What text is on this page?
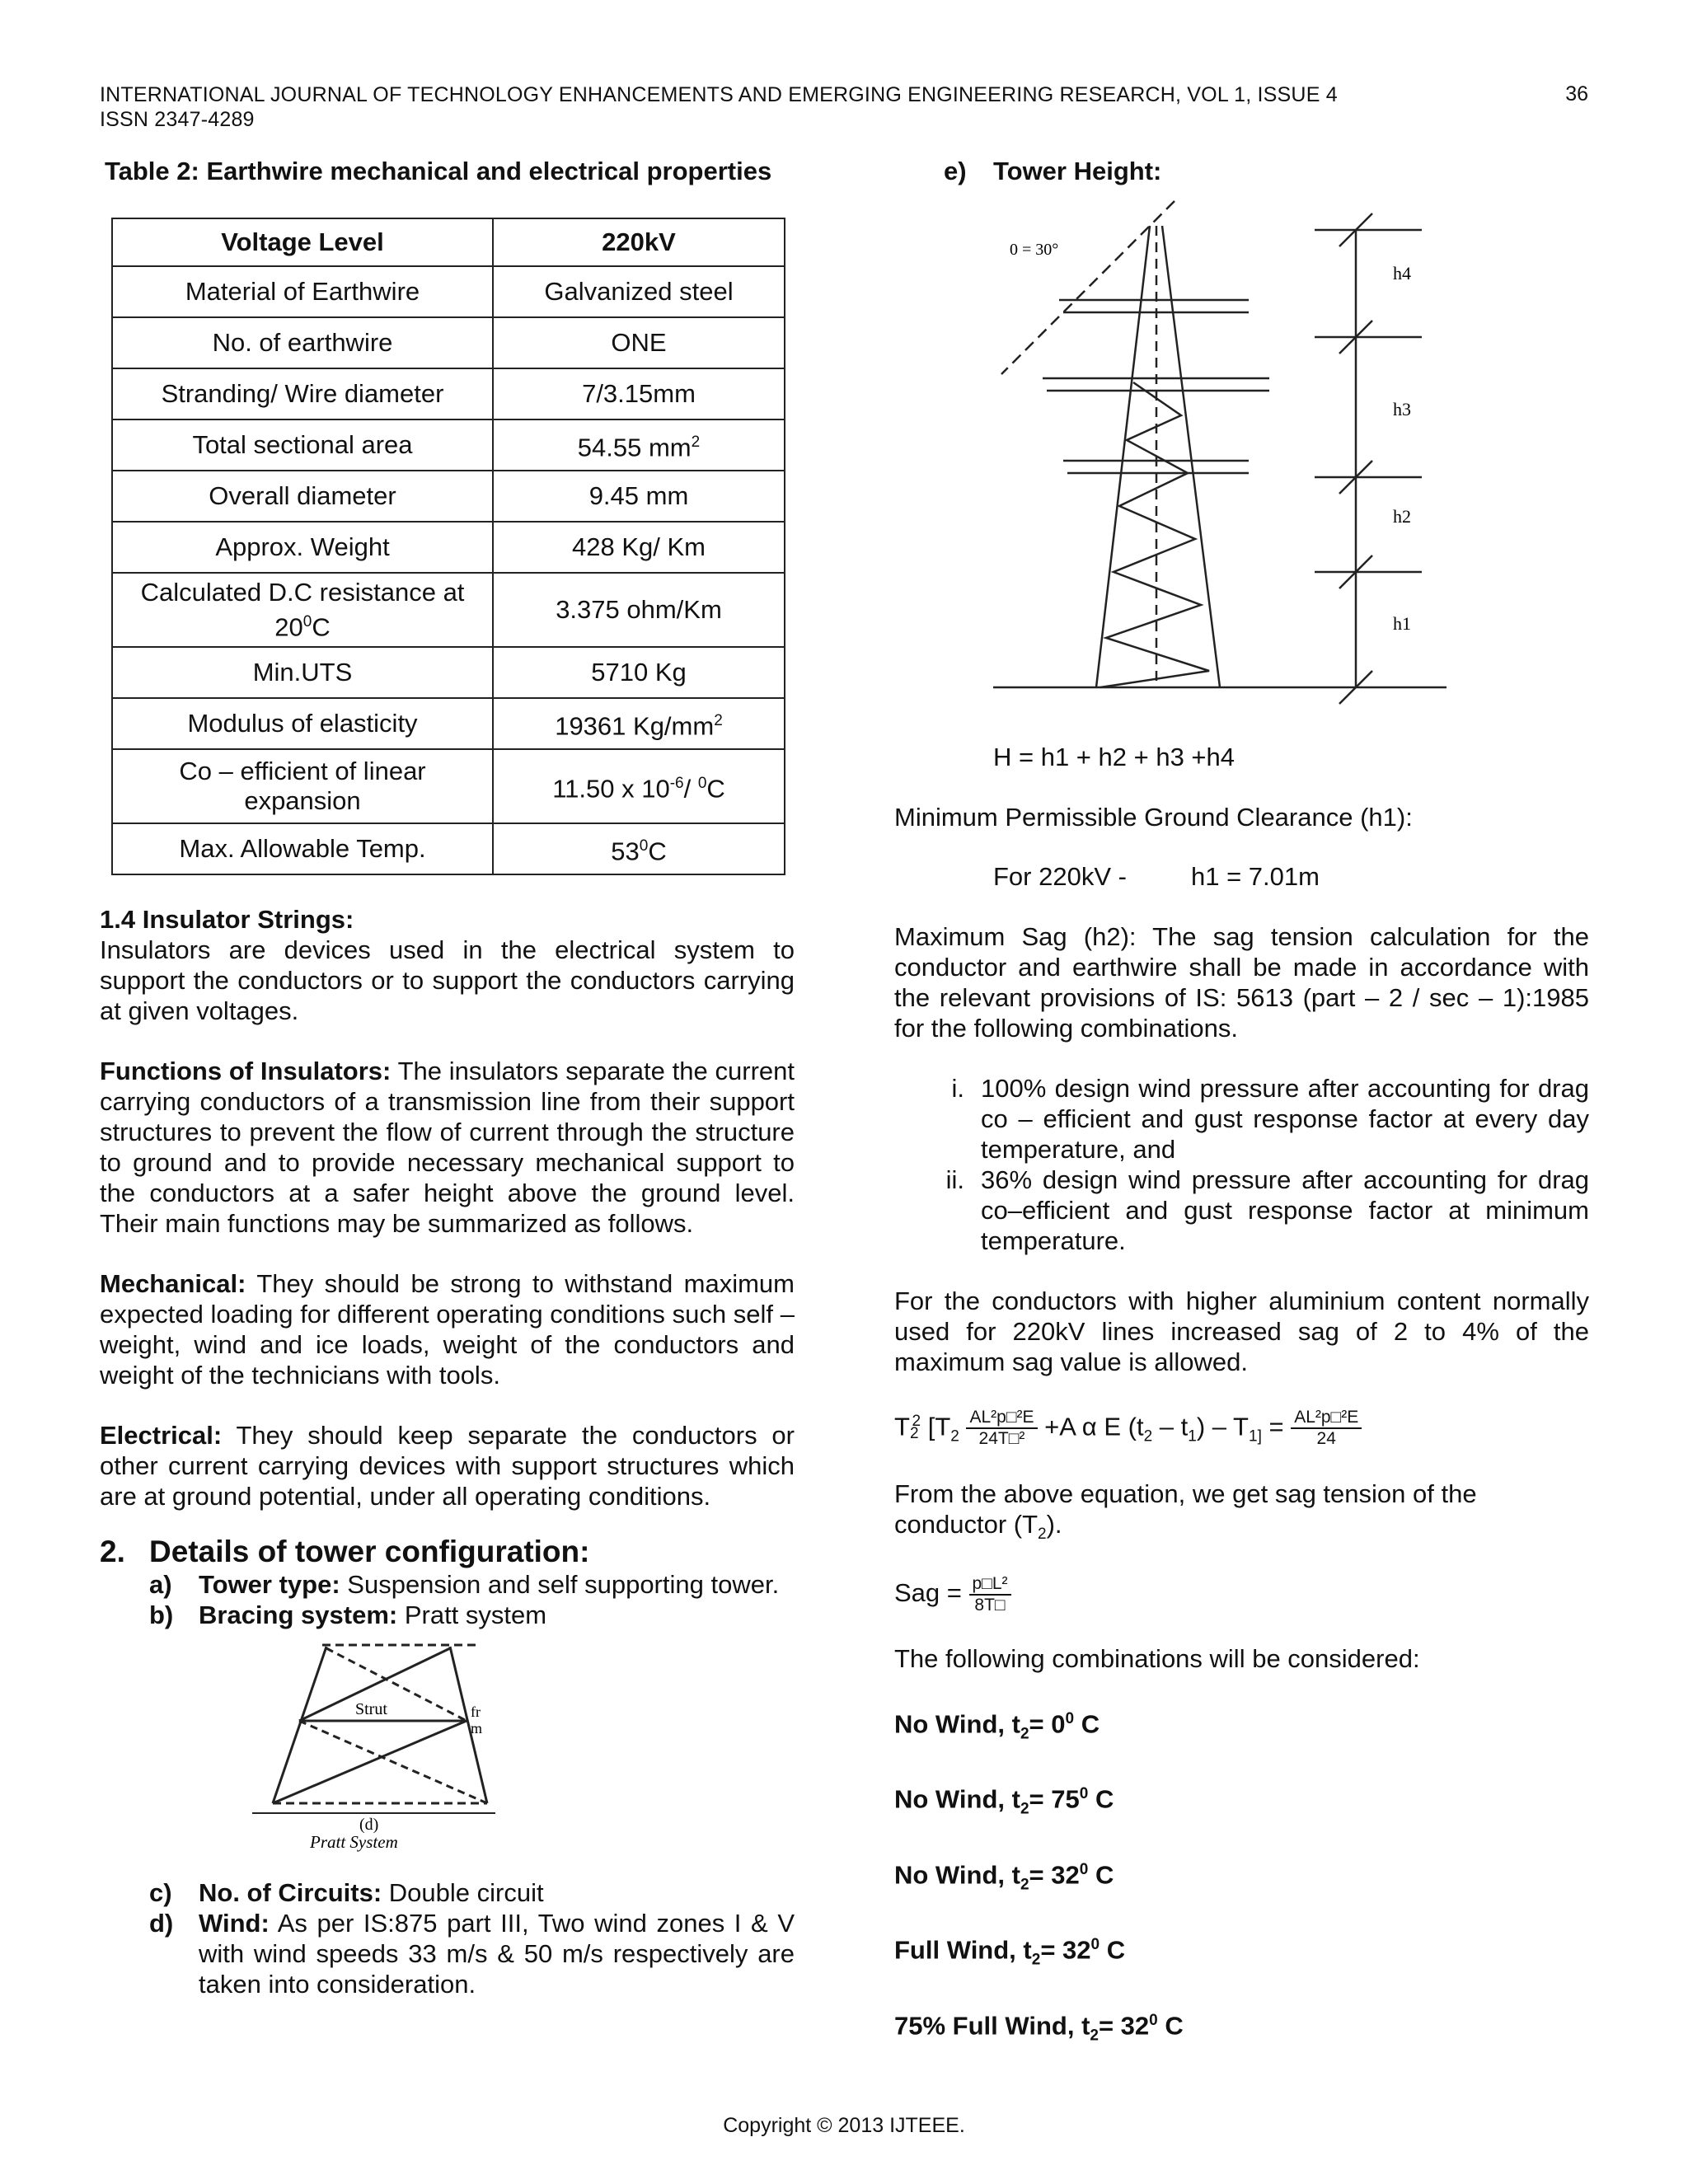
INTERNATIONAL JOURNAL OF TECHNOLOGY ENHANCEMENTS AND EMERGING ENGINEERING RESEARCH, VOL 1, ISSUE 4
ISSN 2347-4289
36
Table 2: Earthwire mechanical and electrical properties
Voltage Level	220kV
Material of Earthwire	Galvanized steel
No. of earthwire	ONE
Stranding/ Wire diameter	7/3.15mm
Total sectional area	54.55 $mm^2$
Overall diameter	9.45 mm
Approx. Weight	428 Kg/ Km
Calculated D.C resistance at $20^0C$	3.375 ohm/Km
Min.UTS	5710 Kg
Modulus of elasticity	19361 $Kg/mm^2$
Co – efficient of linear expansion	11.50 x $10^{-6}/$ $^0$C
Max. Allowable Temp.	$53^0C$
1.4 Insulator Strings:

Insulators are devices used in the electrical system to support the conductors or to support the conductors carrying at given voltages.

Functions of Insulators: The insulators separate the current carrying conductors of a transmission line from their support structures to prevent the flow of current through the structure to ground and to provide necessary mechanical support to the conductors at a safer height above the ground level. Their main functions may be summarized as follows.

Mechanical: They should be strong to withstand maximum expected loading for different operating conditions such self – weight, wind and ice loads, weight of the conductors and weight of the technicians with tools.

Electrical: They should keep separate the conductors or other current carrying devices with support structures which are at ground potential, under all operating conditions.

2. Details of tower configuration:
a)	Tower type: Suspension and self supporting tower.
b) Bracing system: Pratt system
Strut	fr
m
(d)
Pratt System
c)	No. of Circuits: Double circuit
d) Wind: As per IS:875 part III, Two wind zones I & V with wind speeds 33 m/s & 50 m/s respectively are taken into consideration.
e)	Tower Height:
0 = 30°
h4
h3
h2
h1

H = h1 + h2 + h3 +h4

Minimum Permissible Ground Clearance (h1):

For 220kV -	h1 = 7.01m

Maximum Sag (h2): The sag tension calculation for the conductor and earthwire shall be made in accordance with the relevant provisions of IS: 5613 (part – 2 / sec – 1):1985 for the following combinations.

i. 100% design wind pressure after accounting for drag co – efficient and gust response factor at every day temperature, and
ii. 36% design wind pressure after accounting for drag co–efficient and gust response factor at minimum temperature.

For the conductors with higher aluminium content normally used for 220kV lines increased sag of 2 to 4% of the maximum sag value is allowed.

$T_2^2$ [$T_2 \frac{\text{AL²p□²E}}{\text{24T□²}} +A$ α E $(t_2 - t_1) - T_{1]} = \frac{\text{AL²p□²E}}{24}$

From the above equation, we get sag tension of the conductor $(T_2)$.

Sag = $\frac{\text{p□L²}}{8T□}$

The following combinations will be considered:

No Wind, $t_2= 0^0$ C
No Wind, $t_2= 75^0$ C
No Wind, $t_2= 32^0$ C
Full Wind, $t_2= 32^0$ C
75% Full Wind, $t_2= 32^0$ C
Copyright © 2013 IJTEEE.
